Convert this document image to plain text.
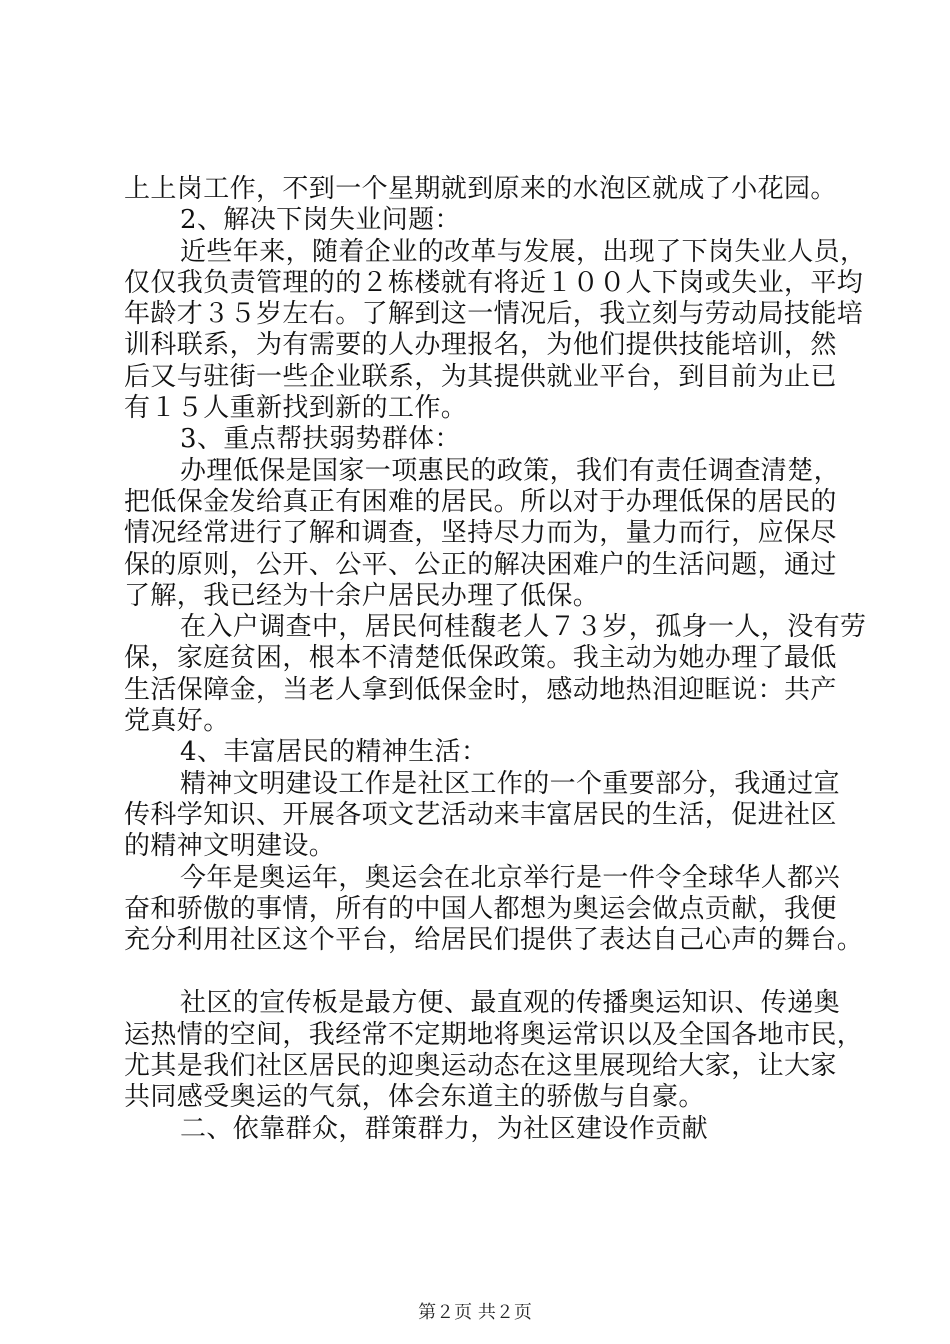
上上岗工作，不到一个星期就到原来的水泡区就成了小花园。
2、解决下岗失业问题：
近些年来，随着企业的改革与发展，出现了下岗失业人员，
仅仅我负责管理的的２栋楼就有将近１００人下岗或失业，平均
年龄才３５岁左右。了解到这一情况后，我立刻与劳动局技能培
训科联系，为有需要的人办理报名，为他们提供技能培训，然
后又与驻街一些企业联系，为其提供就业平台，到目前为止已
有１５人重新找到新的工作。
3、重点帮扶弱势群体：
办理低保是国家一项惠民的政策，我们有责任调查清楚，
把低保金发给真正有困难的居民。所以对于办理低保的居民的
情况经常进行了解和调查，坚持尽力而为，量力而行，应保尽
保的原则，公开、公平、公正的解决困难户的生活问题，通过
了解，我已经为十余户居民办理了低保。
在入户调查中，居民何桂馥老人７３岁，孤身一人，没有劳
保，家庭贫困，根本不清楚低保政策。我主动为她办理了最低
生活保障金，当老人拿到低保金时，感动地热泪迎眶说：共产
党真好。
4、丰富居民的精神生活：
精神文明建设工作是社区工作的一个重要部分，我通过宣
传科学知识、开展各项文艺活动来丰富居民的生活，促进社区
的精神文明建设。
今年是奥运年，奥运会在北京举行是一件令全球华人都兴
奋和骄傲的事情，所有的中国人都想为奥运会做点贡献，我便
充分利用社区这个平台，给居民们提供了表达自己心声的舞台。
社区的宣传板是最方便、最直观的传播奥运知识、传递奥
运热情的空间，我经常不定期地将奥运常识以及全国各地市民，
尤其是我们社区居民的迎奥运动态在这里展现给大家，让大家
共同感受奥运的气氛，体会东道主的骄傲与自豪。
二、依靠群众，群策群力，为社区建设作贡献
第２页 共２页
